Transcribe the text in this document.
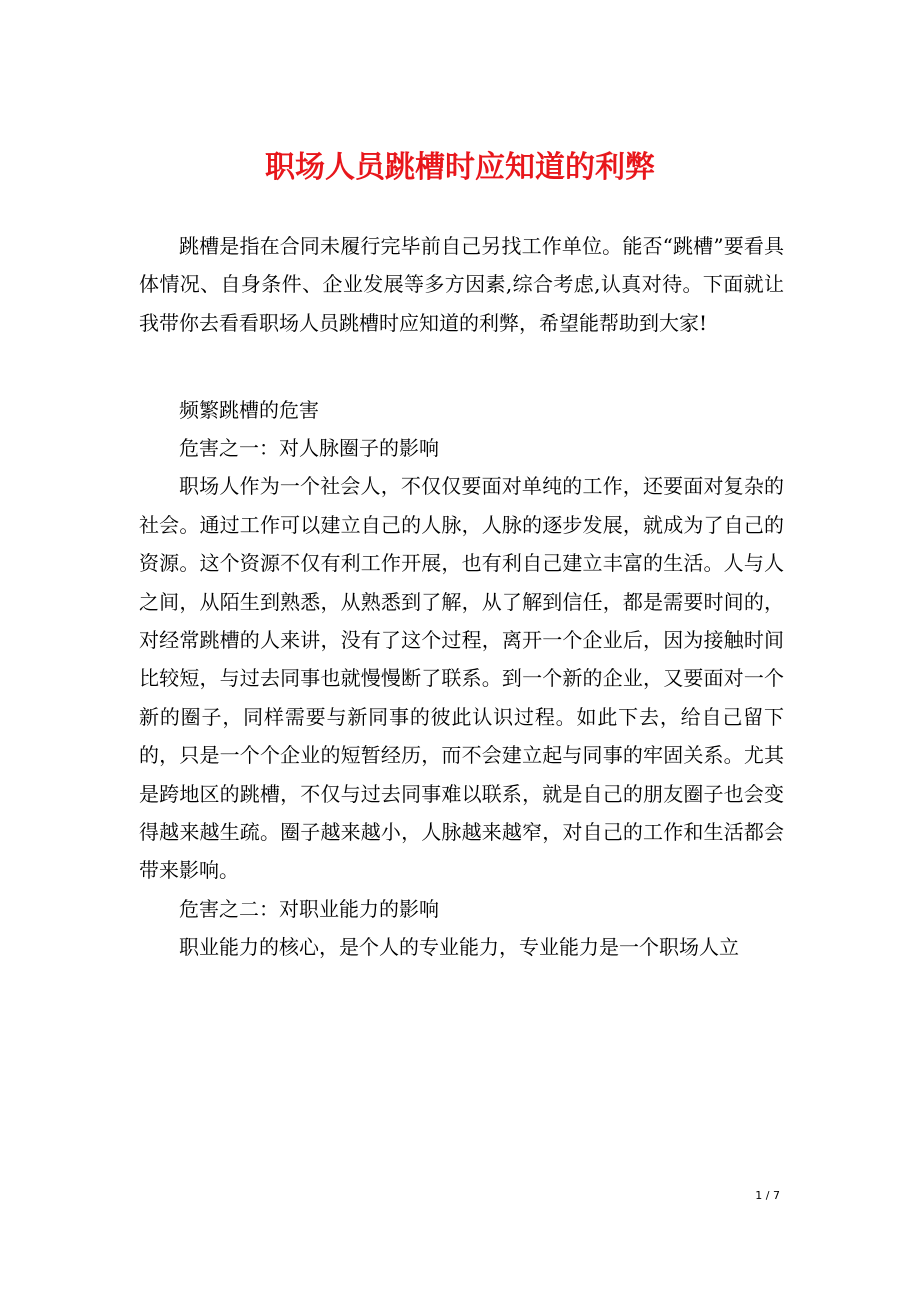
职场人员跳槽时应知道的利弊

跳槽是指在合同未履行完毕前自己另找工作单位。能否“跳槽”要看具体情况、自身条件、企业发展等多方因素,综合考虑,认真对待。下面就让我带你去看看职场人员跳槽时应知道的利弊，希望能帮助到大家!

频繁跳槽的危害

危害之一：对人脉圈子的影响

职场人作为一个社会人，不仅仅要面对单纯的工作，还要面对复杂的社会。通过工作可以建立自己的人脉，人脉的逐步发展，就成为了自己的资源。这个资源不仅有利工作开展，也有利自己建立丰富的生活。人与人之间，从陌生到熟悉，从熟悉到了解，从了解到信任，都是需要时间的，对经常跳槽的人来讲，没有了这个过程，离开一个企业后，因为接触时间比较短，与过去同事也就慢慢断了联系。到一个新的企业，又要面对一个新的圈子，同样需要与新同事的彼此认识过程。如此下去，给自己留下的，只是一个个企业的短暂经历，而不会建立起与同事的牢固关系。尤其是跨地区的跳槽，不仅与过去同事难以联系，就是自己的朋友圈子也会变得越来越生疏。圈子越来越小，人脉越来越窄，对自己的工作和生活都会带来影响。

危害之二：对职业能力的影响

职业能力的核心，是个人的专业能力，专业能力是一个职场人立

1 / 7
